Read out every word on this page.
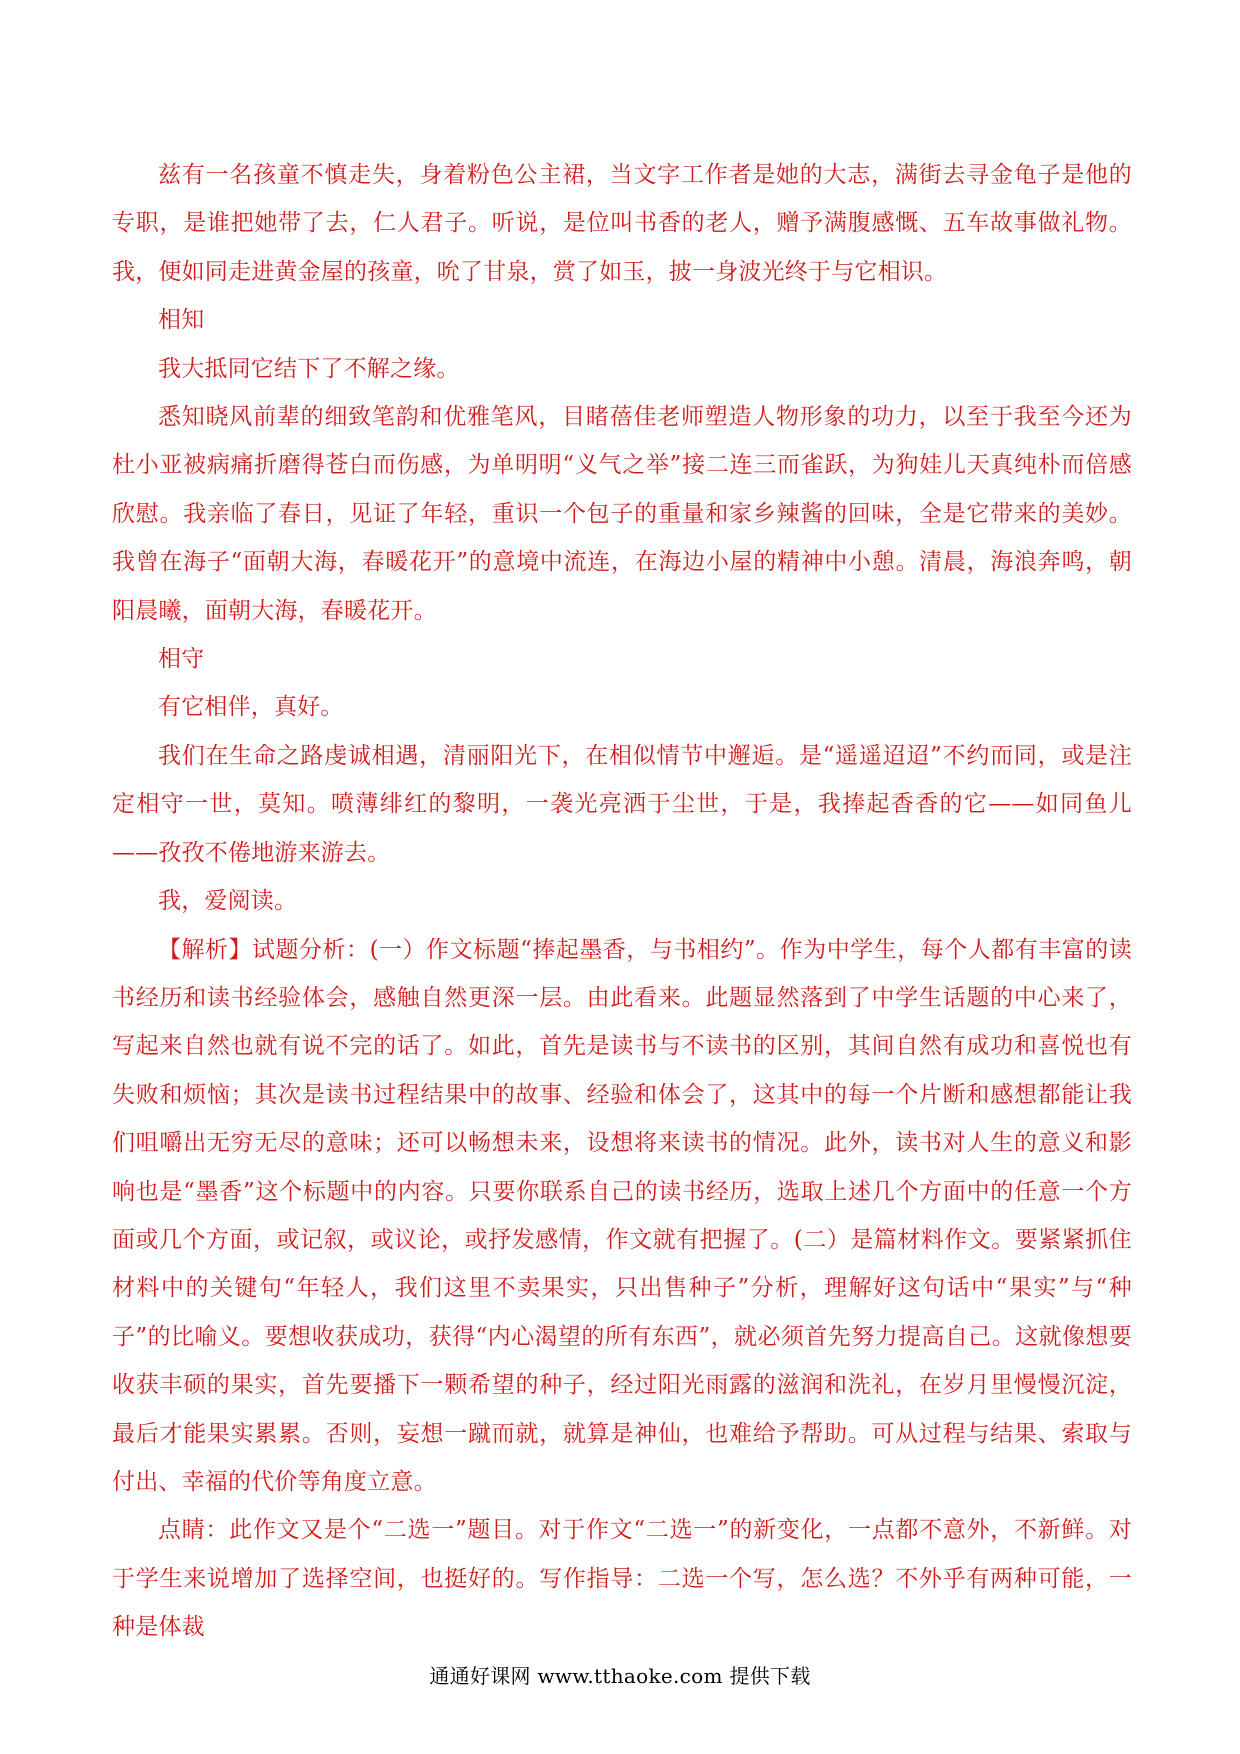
兹有一名孩童不慎走失，身着粉色公主裙，当文字工作者是她的大志，满街去寻金龟子是他的专职，是谁把她带了去，仁人君子。听说，是位叫书香的老人，赠予满腹感慨、五车故事做礼物。我，便如同走进黄金屋的孩童，吮了甘泉，赏了如玉，披一身波光终于与它相识。

相知

我大抵同它结下了不解之缘。

悉知晓风前辈的细致笔韵和优雅笔风，目睹蓓佳老师塑造人物形象的功力，以至于我至今还为杜小亚被病痛折磨得苍白而伤感，为单明明“义气之举”接二连三而雀跃，为狗娃儿天真纯朴而倍感欣慰。我亲临了春日，见证了年轻，重识一个包子的重量和家乡辣酱的回味，全是它带来的美妙。我曾在海子“面朝大海，春暖花开”的意境中流连，在海边小屋的精神中小憩。清晨，海浪奔鸣，朝阳晨曦，面朝大海，春暖花开。

相守

有它相伴，真好。

我们在生命之路虔诚相遇，清丽阳光下，在相似情节中邂逅。是“遥遥迢迢”不约而同，或是注定相守一世，莫知。喷薄绯红的黎明，一袭光亮洒于尘世，于是，我捧起香香的它——如同鱼儿——孜孜不倦地游来游去。

我，爱阅读。

【解析】试题分析：(一）作文标题“捧起墨香，与书相约”。作为中学生，每个人都有丰富的读书经历和读书经验体会，感触自然更深一层。由此看来。此题显然落到了中学生话题的中心来了，写起来自然也就有说不完的话了。如此，首先是读书与不读书的区别，其间自然有成功和喜悦也有失败和烦恼；其次是读书过程结果中的故事、经验和体会了，这其中的每一个片断和感想都能让我们咀嚼出无穷无尽的意味；还可以畅想未来，设想将来读书的情况。此外，读书对人生的意义和影响也是“墨香”这个标题中的内容。只要你联系自己的读书经历，选取上述几个方面中的任意一个方面或几个方面，或记叙，或议论，或抒发感情，作文就有把握了。(二）是篇材料作文。要紧紧抓住材料中的关键句“年轻人，我们这里不卖果实，只出售种子”分析，理解好这句话中“果实”与“种子”的比喻义。要想收获成功，获得“内心渴望的所有东西”，就必须首先努力提高自己。这就像想要收获丰硕的果实，首先要播下一颗希望的种子，经过阳光雨露的滋润和洗礼，在岁月里慢慢沉淀，最后才能果实累累。否则，妄想一蹴而就，就算是神仙，也难给予帮助。可从过程与结果、索取与付出、幸福的代价等角度立意。

点睛：此作文又是个“二选一”题目。对于作文“二选一”的新变化，一点都不意外，不新鲜。对于学生来说增加了选择空间，也挺好的。写作指导：二选一个写，怎么选？不外乎有两种可能，一种是体裁

通通好课网 www.tthaoke.com 提供下载
